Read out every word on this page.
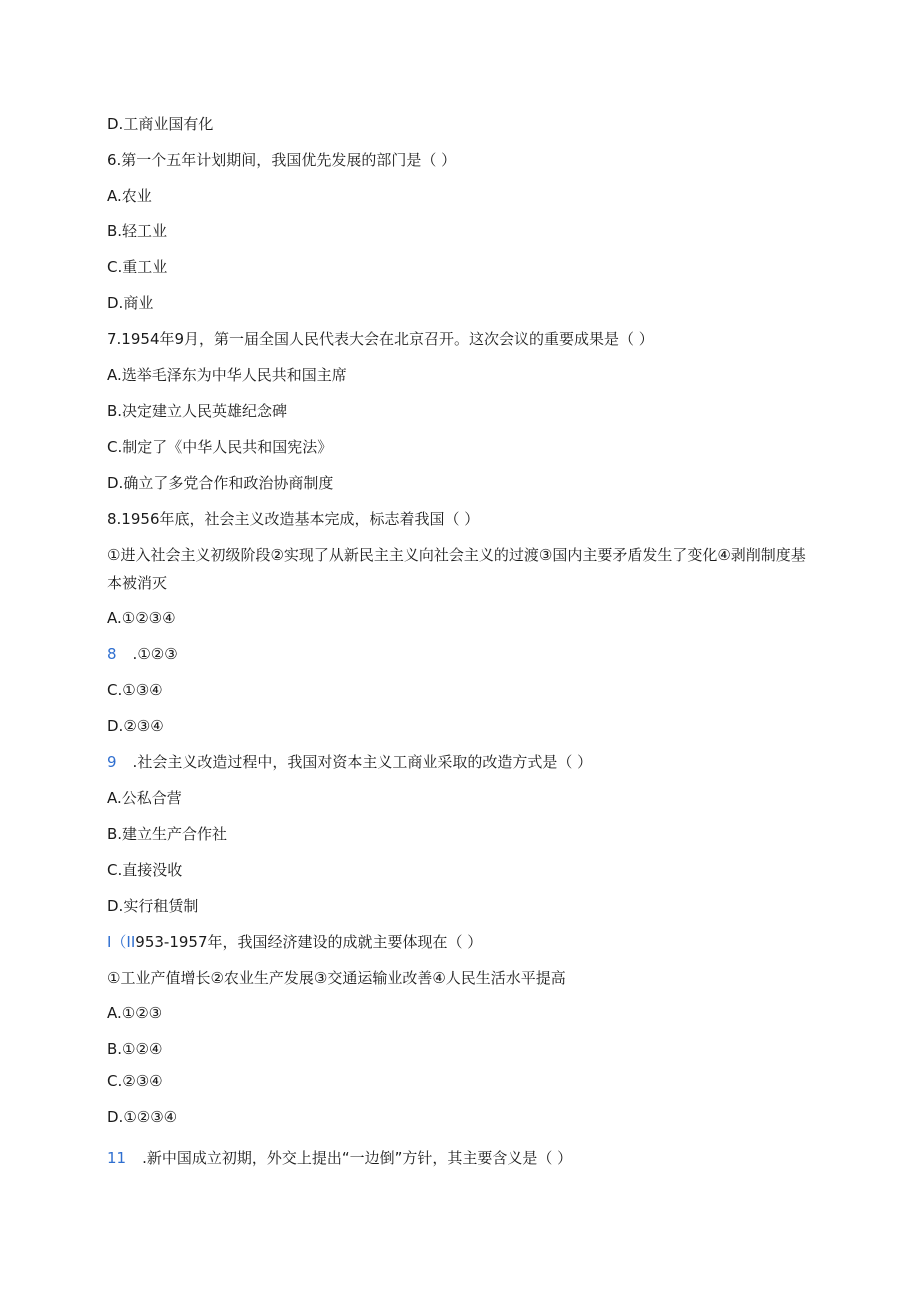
D.工商业国有化
6.第一个五年计划期间，我国优先发展的部门是（ ）
A.农业
B.轻工业
C.重工业
D.商业
7.1954年9月，第一届全国人民代表大会在北京召开。这次会议的重要成果是（ ）
A.选举毛泽东为中华人民共和国主席
B.决定建立人民英雄纪念碑
C.制定了《中华人民共和国宪法》
D.确立了多党合作和政治协商制度
8.1956年底，社会主义改造基本完成，标志着我国（ ）
①进入社会主义初级阶段②实现了从新民主主义向社会主义的过渡③国内主要矛盾发生了变化④剥削制度基本被消灭
A.①②③④
8 .①②③
C.①③④
D.②③④
9 .社会主义改造过程中，我国对资本主义工商业采取的改造方式是（ ）
A.公私合营
B.建立生产合作社
C.直接没收
D.实行租赁制
I（II953-1957年，我国经济建设的成就主要体现在（ ）
①工业产值增长②农业生产发展③交通运输业改善④人民生活水平提高
A.①②③
B.①②④
C.②③④
D.①②③④
11 .新中国成立初期，外交上提出“一边倒”方针，其主要含义是（ ）
